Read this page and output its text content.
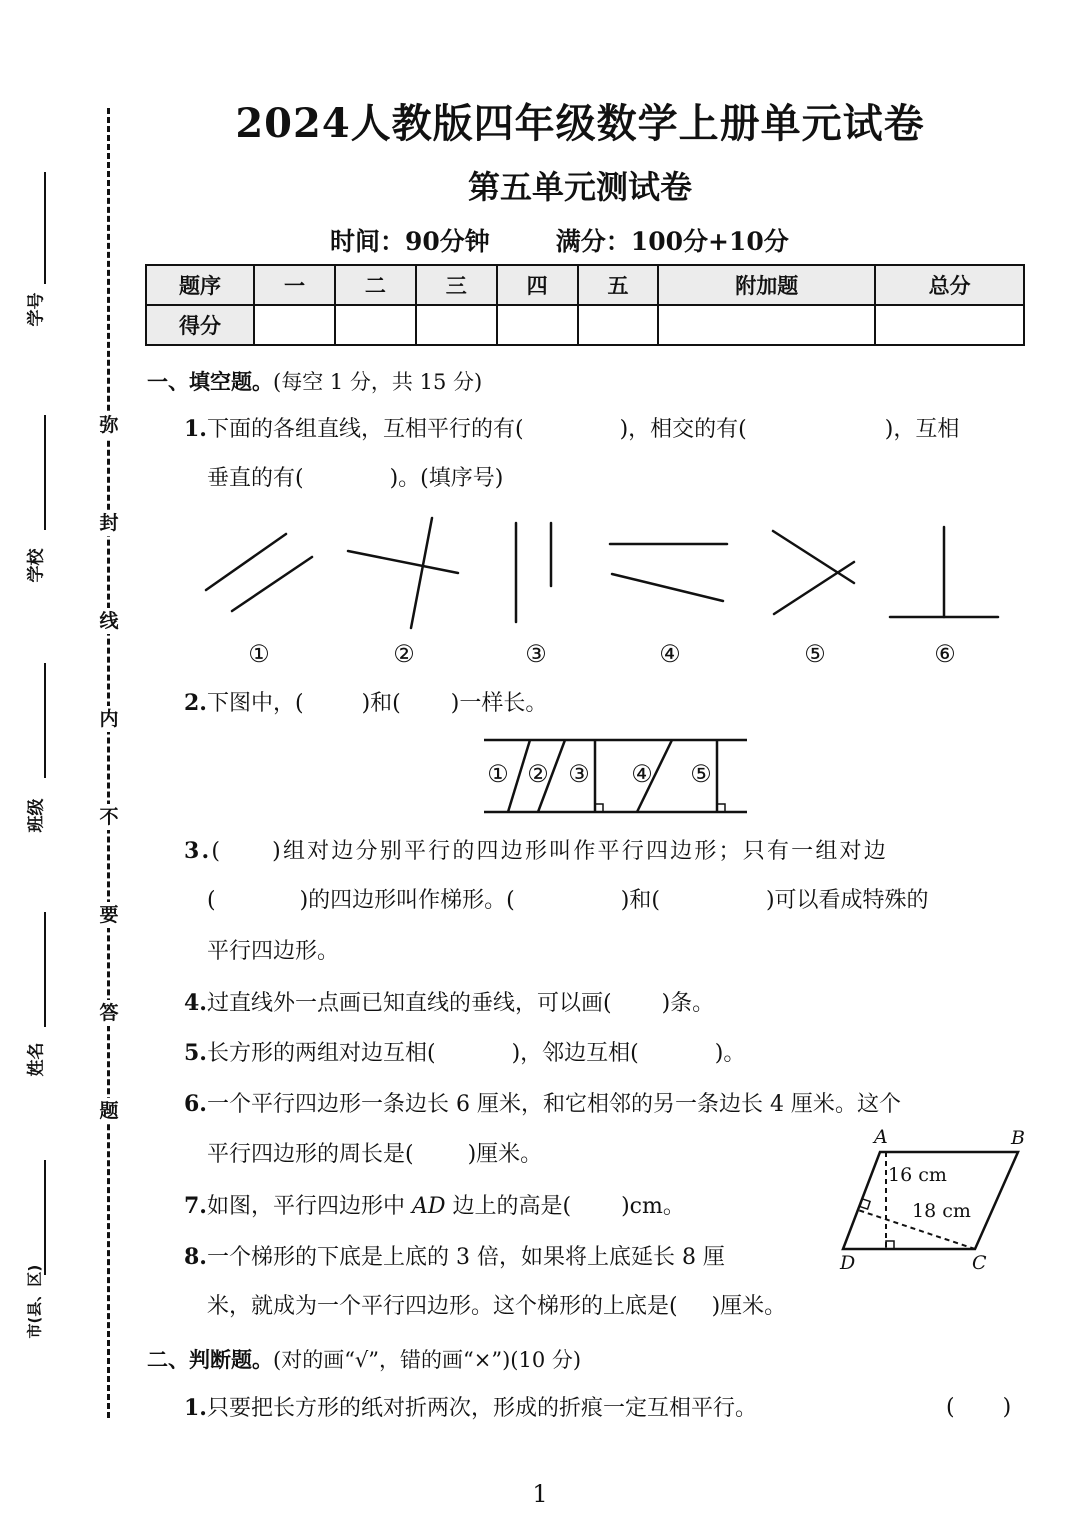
学号
学校
班级
姓名
市(县、区)
弥
封
线
内
不
要
答
题
2024人教版四年级数学上册单元试卷
第五单元测试卷
时间：90分钟	满分：100分+10分
题序	一	二	三	四	五	附加题	总分
得分							
一、填空题。(每空 1 分，共 15 分)
1.下面的各组直线，互相平行的有(	)，相交的有(	)，互相
垂直的有(	)。(填序号)
①	②	③	④	⑤	⑥
2.下图中，(	)和( )一样长。
① ② ③ ④ ⑤
3.( )组对边分别平行的四边形叫作平行四边形；只有一组对边
(	)的四边形叫作梯形。(	)和(	)可以看成特殊的
平行四边形。
4.过直线外一点画已知直线的垂线，可以画( )条。
5.长方形的两组对边互相(	)，邻边互相(	)。
6.一个平行四边形一条边长 6 厘米，和它相邻的另一条边长 4 厘米。这个
平行四边形的周长是( )厘米。
7.如图，平行四边形中 AD 边上的高是( )cm。
8.一个梯形的下底是上底的 3 倍，如果将上底延长 8 厘
米，就成为一个平行四边形。这个梯形的上底是( )厘米。
A	B
C
D
16 cm
18 cm
二、判断题。(对的画“√”，错的画“×”)(10 分)
1.只要把长方形的纸对折两次，形成的折痕一定互相平行。	( )
1
